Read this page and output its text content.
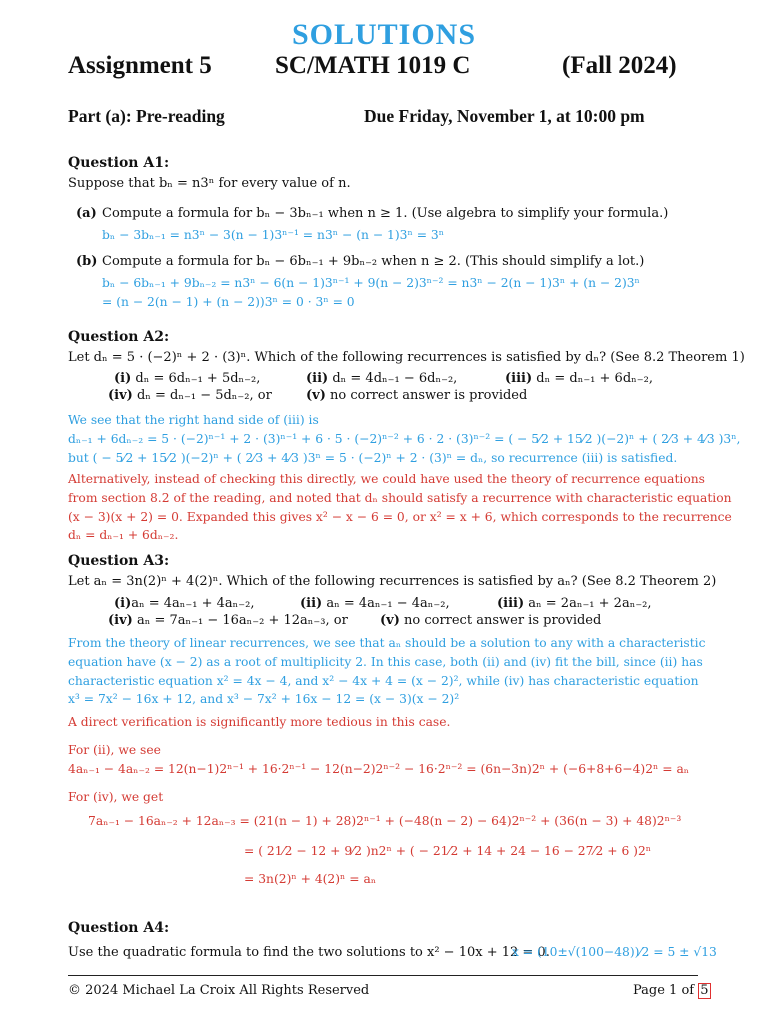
SOLUTIONS
Assignment 5	SC/MATH 1019 C	(Fall 2024)
Part (a): Pre-reading	Due Friday, November 1, at 10:00 pm
Question A1:
Suppose that bₙ = n3ⁿ for every value of n.
(a) Compute a formula for bₙ − 3bₙ₋₁ when n ≥ 1. (Use algebra to simplify your formula.)
bₙ − 3bₙ₋₁ = n3ⁿ − 3(n − 1)3ⁿ⁻¹ = n3ⁿ − (n − 1)3ⁿ = 3ⁿ
(b) Compute a formula for bₙ − 6bₙ₋₁ + 9bₙ₋₂ when n ≥ 2. (This should simplify a lot.)
bₙ − 6bₙ₋₁ + 9bₙ₋₂ = n3ⁿ − 6(n − 1)3ⁿ⁻¹ + 9(n − 2)3ⁿ⁻² = n3ⁿ − 2(n − 1)3ⁿ + (n − 2)3ⁿ
= (n − 2(n − 1) + (n − 2))3ⁿ = 0 · 3ⁿ = 0
Question A2:
Let dₙ = 5 · (−2)ⁿ + 2 · (3)ⁿ. Which of the following recurrences is satisfied by dₙ? (See 8.2 Theorem 1)
(i) dₙ = 6dₙ₋₁ + 5dₙ₋₂,	(ii) dₙ = 4dₙ₋₁ − 6dₙ₋₂,	(iii) dₙ = dₙ₋₁ + 6dₙ₋₂,
(iv) dₙ = dₙ₋₁ − 5dₙ₋₂, or	(v) no correct answer is provided
We see that the right hand side of (iii) is
dₙ₋₁ + 6dₙ₋₂ = 5 · (−2)ⁿ⁻¹ + 2 · (3)ⁿ⁻¹ + 6 · 5 · (−2)ⁿ⁻² + 6 · 2 · (3)ⁿ⁻² = ( − 5⁄2 + 15⁄2 )(−2)ⁿ + ( 2⁄3 + 4⁄3 )3ⁿ,
but ( − 5⁄2 + 15⁄2 )(−2)ⁿ + ( 2⁄3 + 4⁄3 )3ⁿ = 5 · (−2)ⁿ + 2 · (3)ⁿ = dₙ, so recurrence (iii) is satisfied.
Alternatively, instead of checking this directly, we could have used the theory of recurrence equations
from section 8.2 of the reading, and noted that dₙ should satisfy a recurrence with characteristic equation
(x − 3)(x + 2) = 0. Expanded this gives x² − x − 6 = 0, or x² = x + 6, which corresponds to the recurrence
dₙ = dₙ₋₁ + 6dₙ₋₂.
Question A3:
Let aₙ = 3n(2)ⁿ + 4(2)ⁿ. Which of the following recurrences is satisfied by aₙ? (See 8.2 Theorem 2)
(i)aₙ = 4aₙ₋₁ + 4aₙ₋₂,	(ii) aₙ = 4aₙ₋₁ − 4aₙ₋₂,	(iii) aₙ = 2aₙ₋₁ + 2aₙ₋₂,
(iv) aₙ = 7aₙ₋₁ − 16aₙ₋₂ + 12aₙ₋₃, or (v) no correct answer is provided
From the theory of linear recurrences, we see that aₙ should be a solution to any with a characteristic
equation have (x − 2) as a root of multiplicity 2. In this case, both (ii) and (iv) fit the bill, since (ii) has
characteristic equation x² = 4x − 4, and x² − 4x + 4 = (x − 2)², while (iv) has characteristic equation
x³ = 7x² − 16x + 12, and x³ − 7x² + 16x − 12 = (x − 3)(x − 2)²
A direct verification is significantly more tedious in this case.
For (ii), we see
4aₙ₋₁ − 4aₙ₋₂ = 12(n−1)2ⁿ⁻¹ + 16·2ⁿ⁻¹ − 12(n−2)2ⁿ⁻² − 16·2ⁿ⁻² = (6n−3n)2ⁿ + (−6+8+6−4)2ⁿ = aₙ
For (iv), we get
7aₙ₋₁ − 16aₙ₋₂ + 12aₙ₋₃ = (21(n − 1) + 28)2ⁿ⁻¹ + (−48(n − 2) − 64)2ⁿ⁻² + (36(n − 3) + 48)2ⁿ⁻³
= ( 21⁄2 − 12 + 9⁄2 )n2ⁿ + ( − 21⁄2 + 14 + 24 − 16 − 27⁄2 + 6 )2ⁿ
= 3n(2)ⁿ + 4(2)ⁿ = aₙ
Question A4:
Use the quadratic formula to find the two solutions to x² − 10x + 12 = 0.
x = (10±√(100−48))⁄2 = 5 ± √13
© 2024 Michael La Croix All Rights Reserved	Page 1 of 5
